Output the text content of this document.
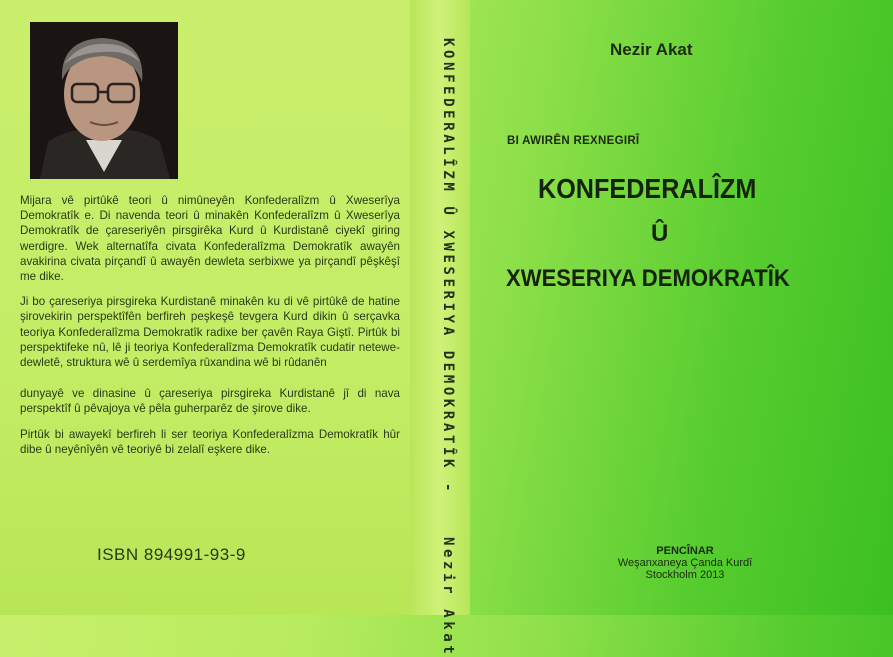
Mijara vê pirtûkê teori û nimûneyên Konfederalîzm û Xweserîya Demokratîk e. Di navenda teori û minakên Konfederalîzm û Xweserîya Demokratîk de çareseriyên pirsgirêka Kurd û Kurdistanê ciyekî giring werdigre. Wek alternatîfa civata Konfederalîzma Demokratîk awayên avakirina civata pirçandî û awayên dewleta serbixwe ya pirçandî pêşkêşî me dike.

Ji bo çareseriya pirsgireka Kurdistanê minakên ku di vê pirtûkê de hatine şirovekirin perspektîfên berfireh peşkeşê tevgera Kurd dikin û serçavka teoriya Konfederalîzma Demokratîk radixe ber çavên Raya Giştî. Pirtûk bi perspektifeke nû, lê ji teoriya Konfederalîzma Demokratîk cudatir netewe-dewletê, struktura wê û serdemîya rûxandina wê bi rûdanên

dunyayê ve dinasine û çareseriya pirsgireka Kurdistanê jî di nava perspektîf û pêvajoya vê pêla guherparêz de şirove dike.

Pirtûk bi awayekî berfireh li ser teoriya Konfederalîzma Demokratîk hûr dibe û neyênîyên vê teoriyê bi zelalî eşkere dike.

ISBN 894991-93-9
KONFEDERALÎZM Û XWESERIYA DEMOKRATÎK - Nezir Akat
Nezir Akat
BI AWIRÊN REXNEGIRÎ
KONFEDERALÎZM
Û
XWESERIYA DEMOKRATÎK
PENCÎNAR
Weşanxaneya Çanda Kurdî
Stockholm 2013
